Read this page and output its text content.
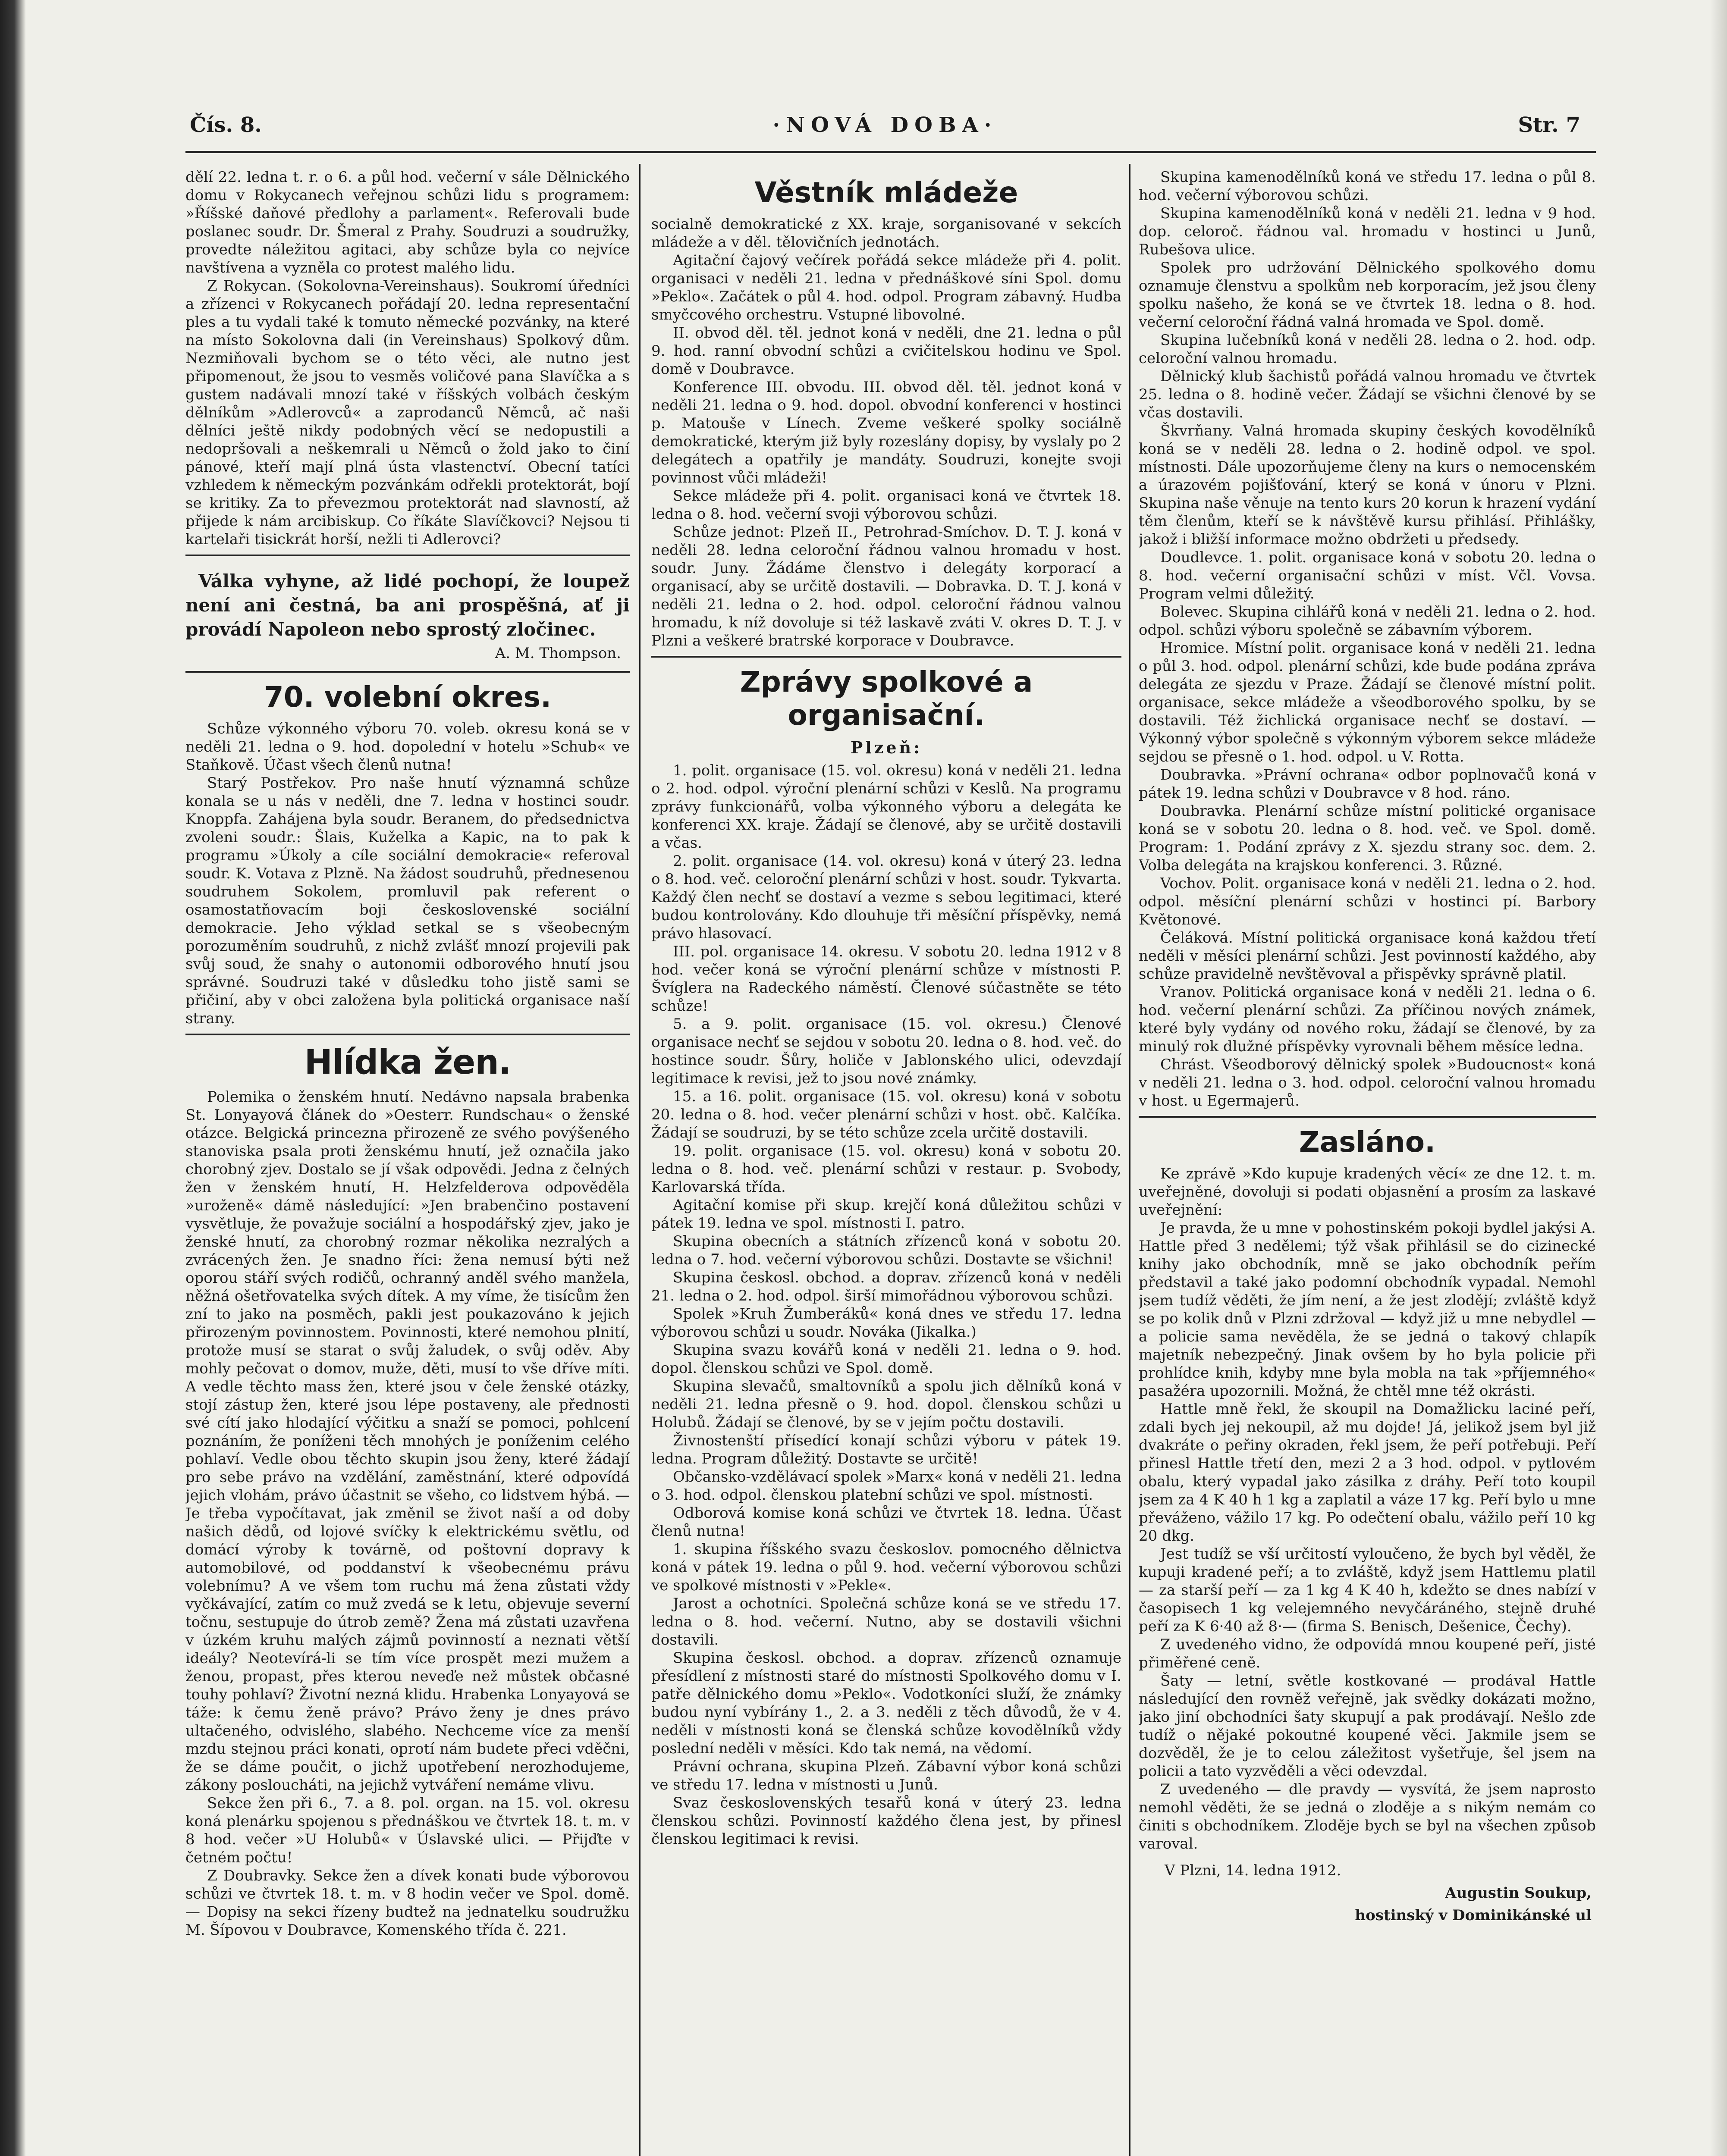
Čís. 8.	·NOVÁ DOBA·	Str. 7

dělí 22. ledna t. r. o 6. a půl hod. večerní v sále Dělnického domu v Rokycanech veřejnou schůzi lidu s programem: »Říšské daňové předlohy a parlament«. Referovali bude poslanec soudr. Dr. Šmeral z Prahy. Soudruzi a soudružky, provedte náležitou agitaci, aby schůze byla co nejvíce navštívena a vyzněla co protest malého lidu.

Z Rokycan. (Sokolovna-Vereinshaus). Soukromí úředníci a zřízenci v Rokycanech pořádají 20. ledna representační ples a tu vydali také k tomuto německé pozvánky, na které na místo Sokolovna dali (in Vereinshaus) Spolkový dům. Nezmiňovali bychom se o této věci, ale nutno jest připomenout, že jsou to vesměs voličové pana Slavíčka a s gustem nadávali mnozí také v říšských volbách českým dělníkům »Adlerovců« a zaprodanců Němců, ač naši dělníci ještě nikdy podobných věcí se nedopustili a nedopršovali a neškemrali u Němců o žold jako to činí pánové, kteří mají plná ústa vlastenctví. Obecní tatíci vzhledem k německým pozvánkám odřekli protektorát, bojí se kritiky. Za to převezmou protektorát nad slavností, až přijede k nám arcibiskup. Co říkáte Slavíčkovci? Nejsou ti kartelaři tisickrát horší, nežli ti Adlerovci?

Válka vyhyne, až lidé pochopí, že loupež není ani čestná, ba ani prospěšná, ať ji provádí Napoleon nebo sprostý zločinec.

A. M. Thompson.

70. volební okres.

Schůze výkonného výboru 70. voleb. okresu koná se v neděli 21. ledna o 9. hod. dopolední v hotelu »Schub« ve Staňkově. Účast všech členů nutna!

Starý Postřekov. Pro naše hnutí významná schůze konala se u nás v neděli, dne 7. ledna v hostinci soudr. Knoppfa. Zahájena byla soudr. Beranem, do předsednictva zvoleni soudr.: Šlais, Kuželka a Kapic, na to pak k programu »Úkoly a cíle sociální demokracie« referoval soudr. K. Votava z Plzně. Na žádost soudruhů, přednesenou soudruhem Sokolem, promluvil pak referent o osamostatňovacím boji československé sociální demokracie. Jeho výklad setkal se s všeobecným porozuměním soudruhů, z nichž zvlášť mnozí projevili pak svůj soud, že snahy o autonomii odborového hnutí jsou správné. Soudruzi také v důsledku toho jistě sami se přičiní, aby v obci založena byla politická organisace naší strany.

Hlídka žen.

Polemika o ženském hnutí. Nedávno napsala brabenka St. Lonyayová článek do »Oesterr. Rundschau« o ženské otázce. Belgická princezna přirozeně ze svého povýšeného stanoviska psala proti ženskému hnutí, jež označila jako chorobný zjev. Dostalo se jí však odpovědi. Jedna z čelných žen v ženském hnutí, H. Helzfelderova odpověděla »uroženě« dámě následující: »Jen brabenčino postavení vysvětluje, že považuje sociální a hospodářský zjev, jako je ženské hnutí, za chorobný rozmar několika nezralých a zvrácených žen. Je snadno říci: žena nemusí býti než oporou stáří svých rodičů, ochranný anděl svého manžela, něžná ošetřovatelka svých dítek. A my víme, že tisícům žen zní to jako na posměch, pakli jest poukazováno k jejich přirozeným povinnostem. Povinnosti, které nemohou plnití, protože musí se starat o svůj žaludek, o svůj oděv. Aby mohly pečovat o domov, muže, děti, musí to vše dříve míti. A vedle těchto mass žen, které jsou v čele ženské otázky, stojí zástup žen, které jsou lépe postaveny, ale přednosti své cítí jako hlodající výčitku a snaží se pomoci, pohlcení poznáním, že poníženi těch mnohých je poníženim celého pohlaví. Vedle obou těchto skupin jsou ženy, které žádají pro sebe právo na vzdělání, zaměstnání, které odpovídá jejich vlohám, právo účastnit se všeho, co lidstvem hýbá. — Je třeba vypočítavat, jak změnil se život naší a od doby našich dědů, od lojové svíčky k elektrickému světlu, od domácí výroby k továrně, od poštovní dopravy k automobilové, od poddanství k všeobecnému právu volebnímu? A ve všem tom ruchu má žena zůstati vždy vyčkávající, zatím co muž zvedá se k letu, objevuje severní točnu, sestupuje do útrob země? Žena má zůstati uzavřena v úzkém kruhu malých zájmů povinností a neznati větší ideály? Neotevírá-li se tím více prospět mezi mužem a ženou, propast, přes kterou neveďe než můstek občasné touhy pohlaví? Životní nezná klidu. Hrabenka Lonyayová se táže: k čemu ženě právo? Právo ženy je dnes právo ultačeného, odvislého, slabého. Nechceme více za menší mzdu stejnou práci konati, oprotí nám budete přeci vděčni, že se dáme poučit, o jichž upotřebení nerozhodujeme, zákony posloucháti, na jejichž vytváření nemáme vlivu.

Sekce žen při 6., 7. a 8. pol. organ. na 15. vol. okresu koná plenárku spojenou s přednáškou ve čtvrtek 18. t. m. v 8 hod. večer »U Holubů« v Úslavské ulici. — Přijďte v četném počtu!

Z Doubravky. Sekce žen a dívek konati bude výborovou schůzi ve čtvrtek 18. t. m. v 8 hodin večer ve Spol. domě. — Dopisy na sekci řízeny budtež na jednatelku soudružku M. Šípovou v Doubravce, Komenského třída č. 221.

Věstník mládeže

socialně demokratické z XX. kraje, sorganisované v sekcích mládeže a v děl. tělovičních jednotách.

Agitační čajový večírek pořádá sekce mládeže při 4. polit. organisaci v neděli 21. ledna v přednáškové síni Spol. domu »Peklo«. Začátek o půl 4. hod. odpol. Program zábavný. Hudba smyčcového orchestru. Vstupné libovolné.

II. obvod děl. těl. jednot koná v neděli, dne 21. ledna o půl 9. hod. ranní obvodní schůzi a cvičitelskou hodinu ve Spol. domě v Doubravce.

Konference III. obvodu. III. obvod děl. těl. jednot koná v neděli 21. ledna o 9. hod. dopol. obvodní konferenci v hostinci p. Matouše v Línech. Zveme veškeré spolky sociálně demokratické, kterým již byly rozeslány dopisy, by vyslaly po 2 delegátech a opatřily je mandáty. Soudruzi, konejte svoji povinnost vůči mládeži!

Sekce mládeže při 4. polit. organisaci koná ve čtvrtek 18. ledna o 8. hod. večerní svoji výborovou schůzi.

Schůze jednot: Plzeň II., Petrohrad-Smíchov. D. T. J. koná v neděli 28. ledna celoroční řádnou valnou hromadu v host. soudr. Juny. Žádáme členstvo i delegáty korporací a organisací, aby se určitě dostavili. — Dobravka. D. T. J. koná v neděli 21. ledna o 2. hod. odpol. celoroční řádnou valnou hromadu, k níž dovoluje si též laskavě zváti V. okres D. T. J. v Plzni a veškeré bratrské korporace v Doubravce.

Zprávy spolkové a organisační.
Plzeň:

1. polit. organisace (15. vol. okresu) koná v neděli 21. ledna o 2. hod. odpol. výroční plenární schůzi v Keslů. Na programu zprávy funkcionářů, volba výkonného výboru a delegáta ke konferenci XX. kraje. Žádají se členové, aby se určitě dostavili a včas.

2. polit. organisace (14. vol. okresu) koná v úterý 23. ledna o 8. hod. več. celoroční plenární schůzi v host. soudr. Tykvarta. Každý člen nechť se dostaví a vezme s sebou legitimaci, které budou kontrolovány. Kdo dlouhuje tři měsíční příspěvky, nemá právo hlasovací.

III. pol. organisace 14. okresu. V sobotu 20. ledna 1912 v 8 hod. večer koná se výroční plenární schůze v místnosti P. Švíglera na Radeckého náměstí. Členové súčastněte se této schůze!

5. a 9. polit. organisace (15. vol. okresu.) Členové organisace nechť se sejdou v sobotu 20. ledna o 8. hod. več. do hostince soudr. Šůry, holiče v Jablonského ulici, odevzdají legitimace k revisi, jež to jsou nové známky.

15. a 16. polit. organisace (15. vol. okresu) koná v sobotu 20. ledna o 8. hod. večer plenární schůzi v host. obč. Kalčíka. Žádají se soudruzi, by se této schůze zcela určitě dostavili.

19. polit. organisace (15. vol. okresu) koná v sobotu 20. ledna o 8. hod. več. plenární schůzi v restaur. p. Svobody, Karlovarská třída.

Agitační komise při skup. krejčí koná důležitou schůzi v pátek 19. ledna ve spol. místnosti I. patro.

Skupina obecních a státních zřízenců koná v sobotu 20. ledna o 7. hod. večerní výborovou schůzi. Dostavte se všichni!

Skupina českosl. obchod. a doprav. zřízenců koná v neděli 21. ledna o 2. hod. odpol. širší mimořádnou výborovou schůzi.

Spolek »Kruh Žumberáků« koná dnes ve středu 17. ledna výborovou schůzi u soudr. Nováka (Jikalka.)

Skupina svazu kovářů koná v neděli 21. ledna o 9. hod. dopol. členskou schůzi ve Spol. domě.

Skupina slevačů, smaltovníků a spolu jich dělníků koná v neděli 21. ledna přesně o 9. hod. dopol. členskou schůzi u Holubů. Žádají se členové, by se v jejím počtu dostavili.

Živnostenští přísedící konají schůzi výboru v pátek 19. ledna. Program důležitý. Dostavte se určitě!

Občansko-vzdělávací spolek »Marx« koná v neděli 21. ledna o 3. hod. odpol. členskou platební schůzi ve spol. místnosti.

Odborová komise koná schůzi ve čtvrtek 18. ledna. Účast členů nutna!

1. skupina říšského svazu českoslov. pomocného dělnictva koná v pátek 19. ledna o půl 9. hod. večerní výborovou schůzi ve spolkové místnosti v »Pekle«.

Jarost a ochotníci. Společná schůze koná se ve středu 17. ledna o 8. hod. večerní. Nutno, aby se dostavili všichni dostavili.

Skupina českosl. obchod. a doprav. zřízenců oznamuje přesídlení z místnosti staré do místnosti Spolkového domu v I. patře dělnického domu »Peklo«. Vodotkoníci služí, že známky budou nyní vybírány 1., 2. a 3. neděli z těch důvodů, že v 4. neděli v místnosti koná se členská schůze kovodělníků vždy poslední neděli v měsíci. Kdo tak nemá, na vědomí.

Právní ochrana, skupina Plzeň. Zábavní výbor koná schůzi ve středu 17. ledna v místnosti u Junů.

Svaz československých tesařů koná v úterý 23. ledna členskou schůzi. Povinností každého člena jest, by přinesl členskou legitimaci k revisi.

Skupina kamenodělníků koná ve středu 17. ledna o půl 8. hod. večerní výborovou schůzi.

Skupina kamenodělníků koná v neděli 21. ledna v 9 hod. dop. celoroč. řádnou val. hromadu v hostinci u Junů, Rubešova ulice.

Spolek pro udržování Dělnického spolkového domu oznamuje členstvu a spolkům neb korporacím, jež jsou členy spolku našeho, že koná se ve čtvrtek 18. ledna o 8. hod. večerní celoroční řádná valná hromada ve Spol. domě.

Skupina lučebníků koná v neděli 28. ledna o 2. hod. odp. celoroční valnou hromadu.

Dělnický klub šachistů pořádá valnou hromadu ve čtvrtek 25. ledna o 8. hodině večer. Žádají se všichni členové by se včas dostavili.

Škvrňany. Valná hromada skupiny českých kovodělníků koná se v neděli 28. ledna o 2. hodině odpol. ve spol. místnosti. Dále upozorňujeme členy na kurs o nemocenském a úrazovém pojišťování, který se koná v únoru v Plzni. Skupina naše věnuje na tento kurs 20 korun k hrazení vydání těm členům, kteří se k návštěvě kursu přihlásí. Přihlášky, jakož i bližší informace možno obdržeti u předsedy.

Doudlevce. 1. polit. organisace koná v sobotu 20. ledna o 8. hod. večerní organisační schůzi v míst. Včl. Vovsa. Program velmi důležitý.

Bolevec. Skupina cihlářů koná v neděli 21. ledna o 2. hod. odpol. schůzi výboru společně se zábavním výborem.

Hromice. Místní polit. organisace koná v neděli 21. ledna o půl 3. hod. odpol. plenární schůzi, kde bude podána zpráva delegáta ze sjezdu v Praze. Žádají se členové místní polit. organisace, sekce mládeže a všeodborového spolku, by se dostavili. Též žichlická organisace nechť se dostaví. — Výkonný výbor společně s výkonným výborem sekce mládeže sejdou se přesně o 1. hod. odpol. u V. Rotta.

Doubravka. »Právní ochrana« odbor poplnovačů koná v pátek 19. ledna schůzi v Doubravce v 8 hod. ráno.

Doubravka. Plenární schůze místní politické organisace koná se v sobotu 20. ledna o 8. hod. več. ve Spol. domě. Program: 1. Podání zprávy z X. sjezdu strany soc. dem. 2. Volba delegáta na krajskou konferenci. 3. Různé.

Vochov. Polit. organisace koná v neděli 21. ledna o 2. hod. odpol. měsíční plenární schůzi v hostinci pí. Barbory Květonové.

Čeláková. Místní politická organisace koná každou třetí neděli v měsíci plenární schůzi. Jest povinností každého, aby schůze pravidelně nevštěvoval a přispěvky správně platil.

Vranov. Politická organisace koná v neděli 21. ledna o 6. hod. večerní plenární schůzi. Za příčinou nových známek, které byly vydány od nového roku, žádají se členové, by za minulý rok dlužné příspěvky vyrovnali během měsíce ledna.

Chrást. Všeodborový dělnický spolek »Budoucnost« koná v neděli 21. ledna o 3. hod. odpol. celoroční valnou hromadu v host. u Egermajerů.

Zasláno.

Ke zprávě »Kdo kupuje kradených věcí« ze dne 12. t. m. uveřejněné, dovoluji si podati objasnění a prosím za laskavé uveřejnění:

Je pravda, že u mne v pohostinském pokoji bydlel jakýsi A. Hattle před 3 nedělemi; týž však přihlásil se do cizinecké knihy jako obchodník, mně se jako obchodník peřím představil a také jako podomní obchodník vypadal. Nemohl jsem tudíž věděti, že jím není, a že jest zlodějí; zvláště když se po kolik dnů v Plzni zdržoval — když již u mne nebydlel — a policie sama nevěděla, že se jedná o takový chlapík majetník nebezpečný. Jinak ovšem by ho byla policie při prohlídce knih, kdyby mne byla mobla na tak »příjemného« pasažéra upozornili. Možná, že chtěl mne též okrásti.

Hattle mně řekl, že skoupil na Domažlicku laciné peří, zdali bych jej nekoupil, až mu dojde! Já, jelikož jsem byl již dvakráte o peřiny okraden, řekl jsem, že peří potřebuji. Peří přinesl Hattle třetí den, mezi 2 a 3 hod. odpol. v pytlovém obalu, který vypadal jako zásilka z dráhy. Peří toto koupil jsem za 4 K 40 h 1 kg a zaplatil a váze 17 kg. Peří bylo u mne převáženo, vážilo 17 kg. Po odečtení obalu, vážilo peří 10 kg 20 dkg.

Jest tudíž se vší určitostí vyloučeno, že bych byl věděl, že kupuji kradené peří; a to zvláště, když jsem Hattlemu platil — za starší peří — za 1 kg 4 K 40 h, kdežto se dnes nabízí v časopisech 1 kg velejemného nevyčáráného, stejně druhé peří za K 6·40 až 8·— (firma S. Benisch, Dešenice, Čechy).

Z uvedeného vidno, že odpovídá mnou koupené peří, jisté přiměřené ceně.

Šaty — letní, světle kostkované — prodával Hattle následující den rovněž veřejně, jak svědky dokázati možno, jako jiní obchodníci šaty skupují a pak prodávají. Nešlo zde tudíž o nějaké pokoutné koupené věci. Jakmile jsem se dozvěděl, že je to celou záležitost vyšetřuje, šel jsem na policii a tato vyzvěděli a věci odevzdal.

Z uvedeného — dle pravdy — vysvítá, že jsem naprosto nemohl věděti, že se jedná o zloděje a s nikým nemám co činiti s obchodníkem. Zloděje bych se byl na všechen způsob varoval.

V Plzni, 14. ledna 1912.

Augustin Soukup,

hostinský v Dominikánské ul
